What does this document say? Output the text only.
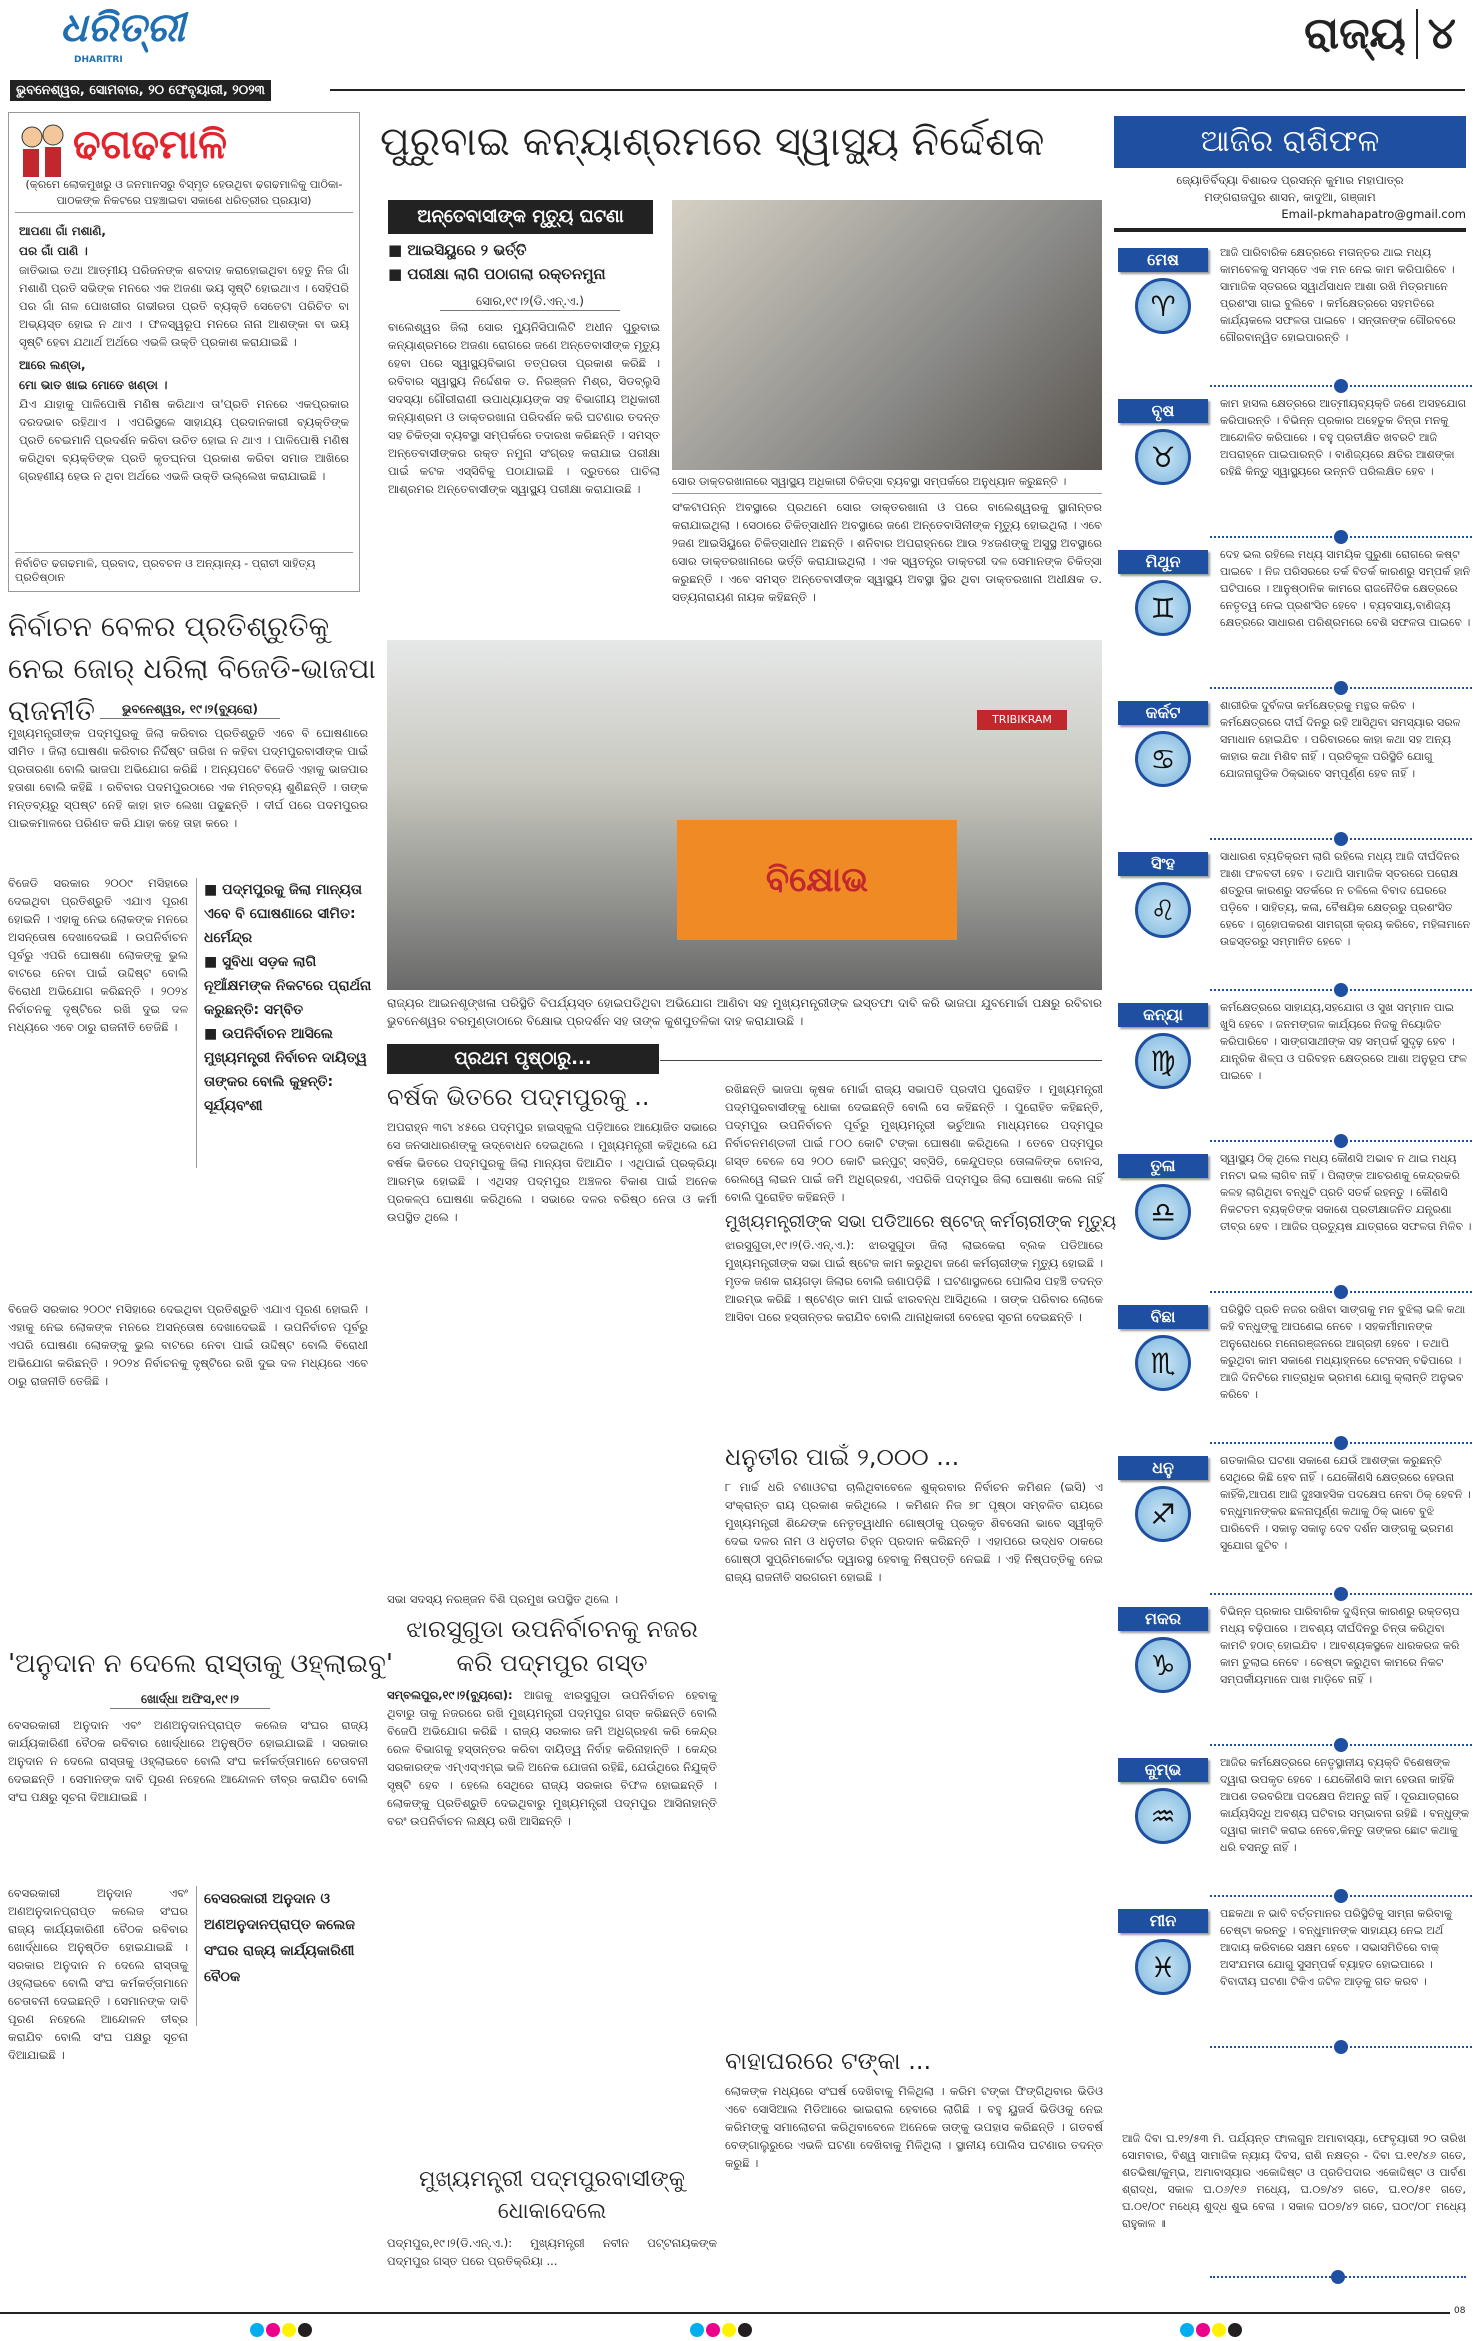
ଧରିତ୍ରୀ
DHARITRI
ଭୁବନେଶ୍ୱର, ସୋମବାର, ୨୦ ଫେବୃୟାରୀ, ୨୦୨୩
ରାଜ୍ୟ ୪
ଢଗଢମାଳି
(କ୍ରମେ ଲୋକମୁଖରୁ ଓ ଜନମାନସରୁ ବିସ୍ମୃତ ହେଉଥିବା ଢଗଢମାଳିକୁ ପାଠିକା-ପାଠକଙ୍କ ନିକଟରେ ପହଞ୍ଚାଇବା ସକାଶେ ଧରିତ୍ରୀର ପ୍ରୟାସ)
ଆପଣା ଗାଁ ମଶାଣି,
ପର ଗାଁ ପାଣି ।
ଜାତିଭାଇ ତଥା ଆତ୍ମୀୟ ପରିଜନଙ୍କ ଶବଦାହ କରାହୋଇଥିବା ହେତୁ ନିଜ ଗାଁ ମଶାଣି ପ୍ରତି ସଭିଙ୍କ ମନରେ ଏକ ଅଜଣା ଭୟ ସୃଷ୍ଟି ହୋଇଥାଏ । ସେହିପରି ପର ଗାଁ ନାଳ ପୋଖରୀର ଗଭୀରତା ପ୍ରତି ବ୍ୟକ୍ତି ସେତେଟା ପରିଚିତ ବା ଅଭ୍ୟସ୍ତ ହୋଇ ନ ଥାଏ । ଫଳସ୍ୱରୂପ ମନରେ ନାନା ଆଶଙ୍କା ବା ଭୟ ସୃଷ୍ଟି ହେବା ଯଥାର୍ଥ ଅର୍ଥରେ ଏଭଳି ଉକ୍ତି ପ୍ରକାଶ କରାଯାଇଛି ।
ଆରେ ଲଣ୍ଡା,
ମୋ ଭାତ ଖାଇ ମୋତେ ଖଣ୍ଡା ।
ଯିଏ ଯାହାକୁ ପାଳିପୋଷି ମଣିଷ କରିଥାଏ ତା'ପ୍ରତି ମନରେ ଏକପ୍ରକାର ଦରଦଭାବ ରହିଥାଏ । ଏପରିସ୍ଥଳେ ସାହାଯ୍ୟ ପ୍ରଦାନକାରୀ ବ୍ୟକ୍ତିଙ୍କ ପ୍ରତି ବେଇମାନି ପ୍ରଦର୍ଶନ କରିବା ଉଚିତ ହୋଇ ନ ଥାଏ । ପାଳିପୋଷି ମଣିଷ କରିଥିବା ବ୍ୟକ୍ତିଙ୍କ ପ୍ରତି କୃତଘ୍ନତା ପ୍ରକାଶ କରିବା ସମାଜ ଆଖିରେ ଗ୍ରହଣୀୟ ହେଉ ନ ଥିବା ଅର୍ଥରେ ଏଭଳି ଉକ୍ତି ଉଲ୍ଲେଖ କରାଯାଇଛି ।
ନିର୍ବାଚିତ ଢଗଢମାଳି, ପ୍ରବାଦ, ପ୍ରବଚନ ଓ ଅନ୍ୟାନ୍ୟ - ପ୍ରାଚୀ ସାହିତ୍ୟ ପ୍ରତିଷ୍ଠାନ
ପୁରୁବାଇ କନ୍ୟାଶ୍ରମରେ ସ୍ୱାସ୍ଥ୍ୟ ନିର୍ଦ୍ଦେଶକ
ଅନ୍ତେବାସୀଙ୍କ ମୃତ୍ୟୁ ଘଟଣା
■ ଆଇସିୟୁରେ ୨ ଭର୍ତ୍ତି
■ ପରୀକ୍ଷା ଲାଗି ପଠାଗଲା ରକ୍ତନମୁନା
ସୋର,୧୯।୨(ଡି.ଏନ୍.ଏ.)
ବାଲେଶ୍ୱର ଜିଲା ସୋର ମ୍ୟୁନିସିପାଲିଟି ଅଧୀନ ପୁରୁବାଇ କନ୍ୟାଶ୍ରମରେ ଅଜଣା ରୋଗରେ ଜଣେ ଅନ୍ତେବାସୀଙ୍କ ମୃତ୍ୟୁ ହେବା ପରେ ସ୍ୱାସ୍ଥ୍ୟବିଭାଗ ତତ୍ପରତା ପ୍ରକାଶ କରିଛି । ରବିବାର ସ୍ୱାସ୍ଥ୍ୟ ନିର୍ଦ୍ଦେଶକ ଡ. ନିରଞ୍ଜନ ମିଶ୍ର, ସିଡବ୍ଲୁସି ସଦସ୍ୟା ଗୌରୀରାଣୀ ଉପାଧ୍ୟାୟଙ୍କ ସହ ବିଭାଗୀୟ ଅଧିକାରୀ କନ୍ୟାଶ୍ରମ ଓ ଡାକ୍ତରଖାନା ପରିଦର୍ଶନ କରି ଘଟଣାର ତଦନ୍ତ ସହ ଚିକିତ୍ସା ବ୍ୟବସ୍ଥା ସମ୍ପର୍କରେ ତଦାରଖ କରିଛନ୍ତି । ସମସ୍ତ ଅନ୍ତେବାସୀଙ୍କର ରକ୍ତ ନମୁନା ସଂଗ୍ରହ କରାଯାଇ ପରୀକ୍ଷା ପାଇଁ କଟକ ଏସ୍‌ସିବିକୁ ପଠାଯାଇଛି । ଦ୍ରୁତରେ ପାଚିଲା ଆଶ୍ରମର ଅନ୍ତେବାସୀଙ୍କ ସ୍ୱାସ୍ଥ୍ୟ ପରୀକ୍ଷା କରାଯାଉଛି ।
ସୋର ଡାକ୍ତରଖାନାରେ ସ୍ୱାସ୍ଥ୍ୟ ଅଧିକାରୀ ଚିକିତ୍ସା ବ୍ୟବସ୍ଥା ସମ୍ପର୍କରେ ଅନୁଧ୍ୟାନ କରୁଛନ୍ତି ।
ସଂକଟାପନ୍ନ ଅବସ୍ଥାରେ ପ୍ରଥମେ ସୋର ଡାକ୍ତରଖାନା ଓ ପରେ ବାଲେଶ୍ୱରକୁ ସ୍ଥାନାନ୍ତର କରାଯାଇଥିଲା । ସେଠାରେ ଚିକିତ୍ସାଧୀନ ଅବସ୍ଥାରେ ଜଣେ ଅନ୍ତେବାସିନୀଙ୍କ ମୃତ୍ୟୁ ହୋଇଥିଲା । ଏବେ ୨ଜଣ ଆଇସିୟୁରେ ଚିକିତ୍ସାଧୀନ ଅଛନ୍ତି । ଶନିବାର ଅପରାହ୍ନରେ ଆଉ ୨୪ଜଣଙ୍କୁ ଅସୁସ୍ଥ ଅବସ୍ଥାରେ ସୋର ଡାକ୍ତରଖାନାରେ ଭର୍ତ୍ତି କରାଯାଇଥିଲା । ଏକ ସ୍ୱତନ୍ତ୍ର ଡାକ୍ତରୀ ଦଳ ସେମାନଙ୍କ ଚିକିତ୍ସା କରୁଛନ୍ତି । ଏବେ ସମସ୍ତ ଅନ୍ତେବାସୀଙ୍କ ସ୍ୱାସ୍ଥ୍ୟ ଅବସ୍ଥା ସ୍ଥିର ଥିବା ଡାକ୍ତରଖାନା ଅଧୀକ୍ଷକ ଡ. ସତ୍ୟନାରାୟଣ ନାୟକ କହିଛନ୍ତି ।
TRIBIKRAM
ବିକ୍ଷୋଭ
ରାଜ୍ୟର ଆଇନଶୃଙ୍ଖଳା ପରିସ୍ଥିତି ବିପର୍ଯ୍ୟସ୍ତ ହୋଇପଡିଥିବା ଅଭିଯୋଗ ଆଣିବା ସହ ମୁଖ୍ୟମନ୍ତ୍ରୀଙ୍କ ଇସ୍ତଫା ଦାବି କରି ଭାଜପା ଯୁବମୋର୍ଚ୍ଚା ପକ୍ଷରୁ ରବିବାର ଭୁବନେଶ୍ୱର ବରମୁଣ୍ଡାଠାରେ ବିକ୍ଷୋଭ ପ୍ରଦର୍ଶନ ସହ ତାଙ୍କ କୁଶପୁତଳିକା ଦାହ କରାଯାଉଛି ।
ନିର୍ବାଚନ ବେଳର ପ୍ରତିଶ୍ରୁତିକୁ ନେଇ ଜୋର୍ ଧରିଲା ବିଜେଡି-ଭାଜପା ରାଜନୀତି	ଭୁବନେଶ୍ୱର, ୧୯।୨(ବ୍ୟୁରୋ)
ମୁଖ୍ୟମନ୍ତ୍ରୀଙ୍କ ପଦ୍ମପୁରକୁ ଜିଲା କରିବାର ପ୍ରତିଶ୍ରୁତି ଏବେ ବି ଘୋଷଣାରେ ସୀମିତ । ଜିଲା ଘୋଷଣା କରିବାର ନିର୍ଦ୍ଦିଷ୍ଟ ତାରିଖ ନ କହିବା ପଦ୍ମପୁରବାସୀଙ୍କ ପାଇଁ ପ୍ରତାରଣା ବୋଲି ଭାଜପା ଅଭିଯୋଗ କରିଛି । ଅନ୍ୟପଟେ ବିଜେଡି ଏହାକୁ ଭାଜପାର ହତାଶା ବୋଲି କହିଛି । ରବିବାର ପଦମପୁରଠାରେ ଏକ ମନ୍ତବ୍ୟ ଶୁଣିଛନ୍ତି । ତାଙ୍କ ମନ୍ତବ୍ୟରୁ ସ୍ପଷ୍ଟ ନେହି କାହା ହାତ ଲେଖା ପଢୁଛନ୍ତି । ଦୀର୍ଘ ପରେ ପଦମପୁରର ପାଇକମାଳରେ ପରିଣତ କରି ଯାହା କହେ ତାହା କରେ ।
ବିଜେଡି ସରକାର ୨୦୦୯ ମସିହାରେ ଦେଇଥିବା ପ୍ରତିଶ୍ରୁତି ଏଯାଏ ପୂରଣ ହୋଇନି । ଏହାକୁ ନେଇ ଲୋକଙ୍କ ମନରେ ଅସନ୍ତୋଷ ଦେଖାଦେଇଛି । ଉପନିର୍ବାଚନ ପୂର୍ବରୁ ଏପରି ଘୋଷଣା ଲୋକଙ୍କୁ ଭୁଲ ବାଟରେ ନେବା ପାଇଁ ଉଦ୍ଦିଷ୍ଟ ବୋଲି ବିରୋଧୀ ଅଭିଯୋଗ କରିଛନ୍ତି । ୨୦୨୪ ନିର୍ବାଚନକୁ ଦୃଷ୍ଟିରେ ରଖି ଦୁଇ ଦଳ ମଧ୍ୟରେ ଏବେ ଠାରୁ ରାଜନୀତି ତେଜିଛି ।
■ ପଦ୍ମପୁରକୁ ଜିଲା ମାନ୍ୟତା ଏବେ ବି ଘୋଷଣାରେ ସୀମିତ: ଧର୍ମେନ୍ଦ୍ର
■ ସୁବିଧା ସଡ଼କ ଲାଗି ନୂଆଁକ୍ଷମଙ୍କ ନିକଟରେ ପ୍ରାର୍ଥନା କରୁଛନ୍ତି: ସମ୍ବିତ
■ ଉପନିର୍ବାଚନ ଆସିଲେ ମୁଖ୍ୟମନ୍ତ୍ରୀ ନିର୍ବାଚନ ଦାୟିତ୍ୱ ତାଙ୍କର ବୋଲି କୁହନ୍ତି: ସୂର୍ଯ୍ୟବଂଶୀ
ବିଜେଡି ସରକାର ୨୦୦୯ ମସିହାରେ ଦେଇଥିବା ପ୍ରତିଶ୍ରୁତି ଏଯାଏ ପୂରଣ ହୋଇନି । ଏହାକୁ ନେଇ ଲୋକଙ୍କ ମନରେ ଅସନ୍ତୋଷ ଦେଖାଦେଇଛି । ଉପନିର୍ବାଚନ ପୂର୍ବରୁ ଏପରି ଘୋଷଣା ଲୋକଙ୍କୁ ଭୁଲ ବାଟରେ ନେବା ପାଇଁ ଉଦ୍ଦିଷ୍ଟ ବୋଲି ବିରୋଧୀ ଅଭିଯୋଗ କରିଛନ୍ତି । ୨୦୨୪ ନିର୍ବାଚନକୁ ଦୃଷ୍ଟିରେ ରଖି ଦୁଇ ଦଳ ମଧ୍ୟରେ ଏବେ ଠାରୁ ରାଜନୀତି ତେଜିଛି ।
'ଅନୁଦାନ ନ ଦେଲେ ରାସ୍ତାକୁ ଓହ୍ଲାଇବୁ'
ଖୋର୍ଦ୍ଧା ଅଫିସ,୧୯।୨
ବେସରକାରୀ ଅନୁଦାନ ଏବଂ ଅଣଅନୁଦାନପ୍ରାପ୍ତ କଲେଜ ସଂଘର ରାଜ୍ୟ କାର୍ଯ୍ୟକାରିଣୀ ବୈଠକ ରବିବାର ଖୋର୍ଦ୍ଧାରେ ଅନୁଷ୍ଠିତ ହୋଇଯାଇଛି । ସରକାର ଅନୁଦାନ ନ ଦେଲେ ରାସ୍ତାକୁ ଓହ୍ଲାଇବେ ବୋଲି ସଂଘ କର୍ମକର୍ତ୍ତାମାନେ ଚେତାବନୀ ଦେଇଛନ୍ତି । ସେମାନଙ୍କ ଦାବି ପୂରଣ ନହେଲେ ଆନ୍ଦୋଳନ ତୀବ୍ର କରାଯିବ ବୋଲି ସଂଘ ପକ୍ଷରୁ ସୂଚନା ଦିଆଯାଇଛି ।
ବେସରକାରୀ ଅନୁଦାନ ଏବଂ ଅଣଅନୁଦାନପ୍ରାପ୍ତ କଲେଜ ସଂଘର ରାଜ୍ୟ କାର୍ଯ୍ୟକାରିଣୀ ବୈଠକ ରବିବାର ଖୋର୍ଦ୍ଧାରେ ଅନୁଷ୍ଠିତ ହୋଇଯାଇଛି । ସରକାର ଅନୁଦାନ ନ ଦେଲେ ରାସ୍ତାକୁ ଓହ୍ଲାଇବେ ବୋଲି ସଂଘ କର୍ମକର୍ତ୍ତାମାନେ ଚେତାବନୀ ଦେଇଛନ୍ତି । ସେମାନଙ୍କ ଦାବି ପୂରଣ ନହେଲେ ଆନ୍ଦୋଳନ ତୀବ୍ର କରାଯିବ ବୋଲି ସଂଘ ପକ୍ଷରୁ ସୂଚନା ଦିଆଯାଇଛି ।
ବେସରକାରୀ ଅନୁଦାନ ଓ ଅଣଅନୁଦାନପ୍ରାପ୍ତ କଲେଜ ସଂଘର ରାଜ୍ୟ କାର୍ଯ୍ୟକାରିଣୀ ବୈଠକ
ପ୍ରଥମ ପୃଷ୍ଠାରୁ...
ବର୍ଷକ ଭିତରେ ପଦ୍ମପୁରକୁ ..
ଅପରାହ୍ନ ୩ଟା ୪୫ରେ ପଦ୍ମପୁର ହାଇସ୍କୁଲ ପଡ଼ିଆରେ ଆୟୋଜିତ ସଭାରେ ସେ ଜନସାଧାରଣଙ୍କୁ ଉଦ୍‌ବୋଧନ ଦେଇଥିଲେ । ମୁଖ୍ୟମନ୍ତ୍ରୀ କହିଥିଲେ ଯେ ବର୍ଷକ ଭିତରେ ପଦ୍ମପୁରକୁ ଜିଲା ମାନ୍ୟତା ଦିଆଯିବ । ଏଥିପାଇଁ ପ୍ରକ୍ରିୟା ଆରମ୍ଭ ହୋଇଛି । ଏଥିସହ ପଦ୍ମପୁର ଅଞ୍ଚଳର ବିକାଶ ପାଇଁ ଅନେକ ପ୍ରକଳ୍ପ ଘୋଷଣା କରିଥିଲେ । ସଭାରେ ଦଳର ବରିଷ୍ଠ ନେତା ଓ କର୍ମୀ ଉପସ୍ଥିତ ଥିଲେ ।
ସଭା ସଦସ୍ୟ ନରଞ୍ଜନ ବିଶି ପ୍ରମୁଖ ଉପସ୍ଥିତ ଥିଲେ ।
ରଖିଛନ୍ତି ଭାଜପା କୃଷକ ମୋର୍ଚ୍ଚା ରାଜ୍ୟ ସଭାପତି ପ୍ରଦୀପ ପୁରୋହିତ । ମୁଖ୍ୟମନ୍ତ୍ରୀ ପଦ୍ମପୁରବାସୀଙ୍କୁ ଧୋକା ଦେଇଛନ୍ତି ବୋଲି ସେ କହିଛନ୍ତି । ପୁରୋହିତ କହିଛନ୍ତି, ପଦ୍ମପୁର ଉପନିର୍ବାଚନ ପୂର୍ବରୁ ମୁଖ୍ୟମନ୍ତ୍ରୀ ଭର୍ଚୁଆଲ ମାଧ୍ୟମରେ ପଦ୍ମପୁର ନିର୍ବାଚନମଣ୍ଡଳୀ ପାଇଁ ୮୦୦ କୋଟି ଟଙ୍କା ଘୋଷଣା କରିଥିଲେ । ତେବେ ପଦ୍ମପୁର ଗସ୍ତ ବେଳେ ସେ ୨୦୦ କୋଟି ଇନ୍‌ପୁଟ୍ ସବ୍‌ସିଡି, କେନ୍ଦୁପତ୍ର ତୋଳାଳିଙ୍କ ବୋନସ, ରେଲୱେ ଲାଇନ ପାଇଁ ଜମି ଅଧିଗ୍ରହଣ, ଏପରିକି ପଦ୍ମପୁର ଜିଲା ଘୋଷଣା କଲେ ନାହିଁ ବୋଲି ପୁରୋହିତ କହିଛନ୍ତି ।
ମୁଖ୍ୟମନ୍ତ୍ରୀଙ୍କ ସଭା ପଡିଆରେ ଷ୍ଟେଜ୍ କର୍ମଚାରୀଙ୍କ ମୃତ୍ୟୁ
ଝାରସୁଗୁଡା,୧୯।୨(ଡି.ଏନ୍.ଏ.): ଝାରସୁଗୁଡା ଜିଲା ଲାଇକେରା ବ୍ଲକ ପଡିଆରେ ମୁଖ୍ୟମନ୍ତ୍ରୀଙ୍କ ସଭା ପାଇଁ ଷ୍ଟେଜ କାମ କରୁଥିବା ଜଣେ କର୍ମଚାରୀଙ୍କ ମୃତ୍ୟୁ ହୋଇଛି । ମୃତକ ଜଣକ ରାୟଗଡ଼ା ଜିଲାର ବୋଲି ଜଣାପଡ଼ିଛି । ଘଟଣାସ୍ଥଳରେ ପୋଲିସ ପହଞ୍ଚି ତଦନ୍ତ ଆରମ୍ଭ କରିଛି । ଷ୍ଟେଣ୍ଡ କାମ ପାଇଁ ଝାରବନ୍ଧ ଆସିଥିଲେ । ତାଙ୍କ ପରିବାର ଲୋକେ ଆସିବା ପରେ ହସ୍ତାନ୍ତର କରାଯିବ ବୋଲି ଥାନାଧିକାରୀ ବେହେରା ସୂଚନା ଦେଇଛନ୍ତି ।
ଧନୁତୀର ପାଇଁ ୨,୦୦୦ ...
୮ ମାର୍ଚ୍ଚ ଧରି ଟଣାଓଟରା ଚାଲିଥିବାବେଳେ ଶୁକ୍ରବାର ନିର୍ବାଚନ କମିଶନ (ଇସି) ଏ ସଂକ୍ରାନ୍ତ ରାୟ ପ୍ରକାଶ କରିଥିଲେ । କମିଶନ ନିଜ ୭୮ ପୃଷ୍ଠା ସମ୍ବଳିତ ରାୟରେ ମୁଖ୍ୟମନ୍ତ୍ରୀ ଶିନ୍ଦେଙ୍କ ନେତୃତ୍ୱାଧୀନ ଗୋଷ୍ଠୀକୁ ପ୍ରକୃତ ଶିବସେନା ଭାବେ ସ୍ୱୀକୃତି ଦେଇ ଦଳର ନାମ ଓ ଧନୁତୀର ଚିହ୍ନ ପ୍ରଦାନ କରିଛନ୍ତି । ଏହାପରେ ଉଦ୍ଧବ ଠାକରେ ଗୋଷ୍ଠୀ ସୁପ୍ରିମକୋର୍ଟର ଦ୍ୱାରସ୍ଥ ହେବାକୁ ନିଷ୍ପତ୍ତି ନେଇଛି । ଏହି ନିଷ୍ପତ୍ତିକୁ ନେଇ ରାଜ୍ୟ ରାଜନୀତି ସରଗରମ ହୋଇଛି ।
ଝାରସୁଗୁଡା ଉପନିର୍ବାଚନକୁ ନଜର କରି ପଦ୍ମପୁର ଗସ୍ତ
ସମ୍ବଲପୁର,୧୯।୨(ବ୍ୟୁରୋ): ଆଗକୁ ଝାରସୁଗୁଡା ଉପନିର୍ବାଚନ ହେବାକୁ ଥିବାରୁ ତାକୁ ନଜରରେ ରଖି ମୁଖ୍ୟମନ୍ତ୍ରୀ ପଦ୍ମପୁର ଗସ୍ତ କରିଛନ୍ତି ବୋଲି ବିଜେପି ଅଭିଯୋଗ କରିଛି । ରାଜ୍ୟ ସରକାର ଜମି ଅଧିଗ୍ରହଣ କରି କେନ୍ଦ୍ର ରେଳ ବିଭାଗକୁ ହସ୍ତାନ୍ତର କରିବା ଦାୟିତ୍ୱ ନିର୍ବାହ କରିନାହାନ୍ତି । କେନ୍ଦ୍ର ସରକାରଙ୍କ ଏମ୍‌ଏସ୍‌ଏମ୍‌ଇ ଭଳି ଅନେକ ଯୋଜନା ରହିଛି, ଯେଉଁଥିରେ ନିଯୁକ୍ତି ସୃଷ୍ଟି ହେବ । ହେଲେ ସେଥିରେ ରାଜ୍ୟ ସରକାର ବିଫଳ ହୋଇଛନ୍ତି । ଲୋକଙ୍କୁ ପ୍ରତିଶ୍ରୁତି ଦେଇଥିବାରୁ ମୁଖ୍ୟମନ୍ତ୍ରୀ ପଦ୍ମପୁର ଆସିନାହାନ୍ତି ବରଂ ଉପନିର୍ବାଚନ ଲକ୍ଷ୍ୟ ରଖି ଆସିଛନ୍ତି ।
ମୁଖ୍ୟମନ୍ତ୍ରୀ ପଦ୍ମପୁରବାସୀଙ୍କୁ ଧୋକାଦେଲେ
ପଦ୍ମପୁର,୧୯।୨(ଡି.ଏନ୍.ଏ.): ମୁଖ୍ୟମନ୍ତ୍ରୀ ନବୀନ ପଟ୍ଟନାୟକଙ୍କ ପଦ୍ମପୁର ଗସ୍ତ ପରେ ପ୍ରତିକ୍ରିୟା ...
ବାହାଘରରେ ଟଙ୍କା ...
ଲୋକଙ୍କ ମଧ୍ୟରେ ସଂଘର୍ଷ ଦେଖିବାକୁ ମିଳିଥିଲା । କରିମ ଟଙ୍କା ଫିଙ୍ଗିଥିବାର ଭିଡିଓ ଏବେ ସୋସିଆଲ ମିଡିଆରେ ଭାଇରାଲ ହେବାରେ ଲାଗିଛି । ବହୁ ୟୁଜର୍ସ ଭିଡିଓକୁ ନେଇ କରିମଙ୍କୁ ସମାଲୋଚନା କରିଥିବାବେଳେ ଅନେକେ ତାଙ୍କୁ ଉପହାସ କରିଛନ୍ତି । ଗତବର୍ଷ ବେଙ୍ଗାଲୁରୁରେ ଏଭଳି ଘଟଣା ଦେଖିବାକୁ ମିଳିଥିଲା । ସ୍ଥାନୀୟ ପୋଲିସ ଘଟଣାର ତଦନ୍ତ କରୁଛି ।
ଆଜିର ରାଶିଫଳ
ଜ୍ୟୋତିର୍ବିଦ୍ୟା ବିଶାରଦ ପ୍ରସନ୍ନ କୁମାର ମହାପାତ୍ର
ମଙ୍ଗରାଜପୁର ଶାସନ, କାଦୁଆ, ଗଞ୍ଜାମ
Email-pkmahapatro@gmail.com
ମେଷ
♈
ଆଜି ପାରିବାରିକ କ୍ଷେତ୍ରରେ ମତାନ୍ତର ଥାଇ ମଧ୍ୟ କାମବେଳକୁ ସମସ୍ତେ ଏକ ମନ ନେଇ କାମ କରିପାରିବେ । ସାମାଜିକ ସ୍ତରରେ ସ୍ୱାର୍ଥସାଧନ ଆଶା ରଖି ମିତ୍ରମାନେ ପ୍ରଶଂସା ଗାଇ ବୁଲିବେ । କର୍ମକ୍ଷେତ୍ରରେ ସହମତିରେ କାର୍ଯ୍ୟକଲେ ସଫଳତା ପାଇବେ । ସନ୍ତାନଙ୍କ ଗୌରବରେ ଗୌରବାନ୍ୱିତ ହୋଇପାରନ୍ତି ।
ବୃଷ
♉
କାମ ହାସଲ କ୍ଷେତ୍ରରେ ଆତ୍ମୀୟବ୍ୟକ୍ତି ଜଣେ ଅସହଯୋଗ କରିପାରନ୍ତି । ବିଭିନ୍ନ ପ୍ରକାର ଅହେତୁକ ଚିନ୍ତା ମନକୁ ଆନ୍ଦୋଳିତ କରିପାରେ । ବହୁ ପ୍ରତୀକ୍ଷିତ ଖବରଟି ଆଜି ଅପରାହ୍ନେ ପାଇପାରନ୍ତି । ବାଣିଜ୍ୟରେ କ୍ଷତିର ଆଶଙ୍କା ରହିଛି କିନ୍ତୁ ସ୍ୱାସ୍ଥ୍ୟରେ ଉନ୍ନତି ପରିଲକ୍ଷିତ ହେବ ।
ମିଥୁନ
♊
ଦେହ ଭଲ ରହିଲେ ମଧ୍ୟ ସାମୟିକ ପୁରୁଣା ରୋଗରେ କଷ୍ଟ ପାଇବେ । ନିଜ ପରିସରରେ ତର୍କ ବିତର୍କ କାରଣରୁ ସମ୍ପର୍କ ହାନି ଘଟିପାରେ । ଆନୁଷ୍ଠାନିକ କାମରେ ରାଜନୈତିକ କ୍ଷେତ୍ରରେ ନେତୃତ୍ୱ ନେଇ ପ୍ରଶଂସିତ ହେବେ । ବ୍ୟବସାୟ,ବାଣିଜ୍ୟ କ୍ଷେତ୍ରରେ ସାଧାରଣ ପରିଶ୍ରମରେ ବେଶି ସଫଳତା ପାଇବେ ।
କର୍କଟ
♋
ଶାରୀରିକ ଦୁର୍ବଳତା କର୍ମକ୍ଷେତ୍ରକୁ ମନ୍ଥର କରିବ । କର୍ମକ୍ଷେତ୍ରରେ ଦୀର୍ଘ ଦିନରୁ ରହି ଆସିଥିବା ସମସ୍ୟାର ସରଳ ସମାଧାନ ହୋଇଯିବ । ପରିବାରରେ କାହା କଥା ସହ ଅନ୍ୟ କାହାର କଥା ମିଶିବ ନାହିଁ । ପ୍ରତିକୂଳ ପରିସ୍ଥିତି ଯୋଗୁ ଯୋଜନାଗୁଡିକ ଠିକ୍‌ଭାବେ ସମ୍ପୂର୍ଣ୍ଣ ହେବ ନାହିଁ ।
ସିଂହ
♌
ସାଧାରଣ ବ୍ୟତିକ୍ରମ ଲାଗି ରହିଲେ ମଧ୍ୟ ଆଜି ଦୀର୍ଘଦିନର ଆଶା ଫଳବତୀ ହେବ । ତଥାପି ସାମାଜିକ ସ୍ତରରେ ପରୋକ୍ଷ ଶତ୍ରୁତା କାରଣରୁ ସତର୍କରେ ନ ଚଳିଲେ ବିବାଦ ଘେରରେ ପଡ଼ିବେ । ସାହିତ୍ୟ, କଳା, ବୈଷୟିକ କ୍ଷେତ୍ରରୁ ପ୍ରଶଂସିତ ହେବେ । ଗୃହୋପକରଣ ସାମଗ୍ରୀ କ୍ରୟ କରିବେ, ମହିଳାମାନେ ଉଚ୍ଚସ୍ତରରୁ ସମ୍ମାନିତ ହେବେ ।
କନ୍ୟା
♍
କର୍ମକ୍ଷେତ୍ରରେ ସାହାଯ୍ୟ,ସହଯୋଗ ଓ ସୁଖ ସମ୍ମାନ ପାଇ ଖୁସି ହେବେ । ଜନମଙ୍ଗଳ କାର୍ଯ୍ୟରେ ନିଜକୁ ନିୟୋଜିତ କରିପାରିବେ । ସାଙ୍ଗସାଥୀଙ୍କ ସହ ସମ୍ପର୍କ ସୁଦୃଢ଼ ହେବ । ଯାନ୍ତ୍ରିକ ଶିଳ୍ପ ଓ ପରିବହନ କ୍ଷେତ୍ରରେ ଆଶା ଅନୁରୂପ ଫଳ ପାଇବେ ।
ତୁଳା
♎
ସ୍ୱାସ୍ଥ୍ୟ ଠିକ୍ ଥିଲେ ମଧ୍ୟ କୌଣସି ଅଭାବ ନ ଥାଇ ମଧ୍ୟ ମନଟା ଭଲ ଲାଗିବ ନାହିଁ । ପିଲାଙ୍କ ଆଚରଣକୁ କେନ୍ଦ୍ରକରି କଳହ ଲାଗିଥିବା ବନ୍ଧୁଟି ପ୍ରତି ସତର୍କ ରହନ୍ତୁ । କୌଣସି ନିକଟତମ ବ୍ୟକ୍ତିଙ୍କ ସକାଶେ ପ୍ରତୀକ୍ଷାଜନିତ ଯନ୍ତ୍ରଣା ତୀବ୍ର ହେବ । ଆଜିର ପ୍ରତ୍ୟୁଷ ଯାତ୍ରାରେ ସଫଳତା ମିଳିବ ।
ବିଛା
♏
ପରିସ୍ଥିତି ପ୍ରତି ନଜର ରଖିବା ସାଙ୍ଗକୁ ମନ ବୁଝିଲା ଭଳି କଥା କହି ବନ୍ଧୁଙ୍କୁ ଆପଣେଇ ନେବେ । ସହକର୍ମୀମାନଙ୍କ ଅନୁରୋଧରେ ମନୋରଞ୍ଜନରେ ଆଗ୍ରହୀ ହେବେ । ତଥାପି କରୁଥିବା କାମ ସକାଶେ ମଧ୍ୟାହ୍ନରେ ଟେନସନ୍ ବଢିପାରେ । ଆଜି ଦିନଟିରେ ମାତ୍ରାଧିକ ଭ୍ରମଣ ଯୋଗୁ କ୍ଲାନ୍ତି ଅନୁଭବ କରିବେ ।
ଧନୁ
♐
ଗତକାଲିର ଘଟଣା ସକାଶେ ଯେଉଁ ଆଶଙ୍କା କରୁଛନ୍ତି ସେଥିରେ କିଛି ହେବ ନାହିଁ । ଯେକୌଣସି କ୍ଷେତ୍ରରେ ହେଉନା କାହିଁକି,ଆପଣ ଆଜି ଦୁଃସାହସିକ ପଦକ୍ଷେପ ନେବା ଠିକ୍ ହେବନି । ବନ୍ଧୁମାନଙ୍କର ଛଳନାପୂର୍ଣ୍ଣ କଥାକୁ ଠିକ୍ ଭାବେ ବୁଝି ପାରିବେନି । ସକାଳୁ ସକାଳୁ ଦେବ ଦର୍ଶନ ସାଙ୍ଗକୁ ଭ୍ରମଣ ସୁଯୋଗ ଜୁଟିବ ।
ମକର
♑
ବିଭିନ୍ନ ପ୍ରକାର ପାରିବାରିକ ଦୁଶ୍ଚିନ୍ତା କାରଣରୁ ରକ୍ତଚାପ ମଧ୍ୟ ବଢ଼ିପାରେ । ଅବଶ୍ୟ ଦୀର୍ଘଦିନରୁ ଚିନ୍ତା କରିଥିବା କାମଟି ହଠାତ୍ ହୋଇଯିବ । ଆବଶ୍ୟକସ୍ଥଳେ ଧାରକରଜ କରି କାମ ତୁଲାଇ ନେବେ । ଚେଷ୍ଟା କରୁଥିବା କାମରେ ନିକଟ ସମ୍ପର୍କୀୟମାନେ ପାଖ ମାଡ଼ିବେ ନାହିଁ ।
କୁମ୍ଭ
♒
ଆଜିର କର୍ମକ୍ଷେତ୍ରରେ ନେତୃସ୍ଥାନୀୟ ବ୍ୟକ୍ତି ବିଶେଷଙ୍କ ଦ୍ୱାରା ଉପକୃତ ହେବେ । ଯେକୌଣସି କାମ ହେଉନା କାହିଁକି ଆପଣ ତରବରିଆ ପଦକ୍ଷେପ ନିଅନ୍ତୁ ନାହିଁ । ଦୂରଯାତ୍ରାରେ କାର୍ଯ୍ୟସିଦ୍ଧି ଅବଶ୍ୟ ଘଟିବାର ସମ୍ଭାବନା ରହିଛି । ବନ୍ଧୁଙ୍କ ଦ୍ୱାରା କାମଟି କରାଇ ନେବେ,କିନ୍ତୁ ତାଙ୍କର ଛୋଟ କଥାକୁ ଧରି ବସନ୍ତୁ ନାହିଁ ।
ମୀନ
♓
ପଛକଥା ନ ଭାବି ବର୍ତ୍ତମାନର ପରିସ୍ଥିତିକୁ ସାମ୍ନା କରିବାକୁ ଚେଷ୍ଟା କରନ୍ତୁ । ବନ୍ଧୁମାନଙ୍କ ସାହାଯ୍ୟ ନେଇ ଅର୍ଥ ଆଦାୟ କରିବାରେ ସକ୍ଷମ ହେବେ । ସଭାସମିତିରେ ବାକ୍ ଅସଂଯମତା ଯୋଗୁ ସୁସମ୍ପର୍କ ବ୍ୟାହତ ହୋଇପାରେ । ବିବାଦୀୟ ଘଟଣା ଟିକିଏ ଜଟିଳ ଆଡ଼କୁ ଗତ କରବ ।
ଆଜି ଦିବା ଘ.୧୨/୫୩ ମି. ପର୍ଯ୍ୟନ୍ତ ଫାଲଗୁନ ଅମାବାସ୍ୟା, ଫେବୃୟାରୀ ୨୦ ତାରିଖ ସୋମବାର, ବିଶ୍ୱ ସାମାଜିକ ନ୍ୟାୟ ଦିବସ, ରାଶି ନକ୍ଷତ୍ର - ଦିବା ଘ.୧୧/୪୬ ଗତେ, ଶତଭିଷା/କୁମ୍ଭ, ଅମାବାସ୍ୟାର ଏକୋଦ୍ଦିଷ୍ଟ ଓ ପ୍ରତିପଦାର ଏକୋଦ୍ଦିଷ୍ଟ ଓ ପାର୍ବଣ ଶ୍ରାଦ୍ଧ, ସକାଳ ଘ.୦୬/୧୬ ମଧ୍ୟେ, ଘ.୦୭/୪୨ ଗତେ, ଘ.୧୦/୫୧ ଗତେ, ଘ.୦୧/୦୯ ମଧ୍ୟେ ଶୁଦ୍ଧ ଶୁଭ ବେଳା । ସକାଳ ଘ୦୭/୪୨ ଗତେ, ଘ୦୯/୦୮ ମଧ୍ୟେ ରାହୁକାଳ ॥
08
